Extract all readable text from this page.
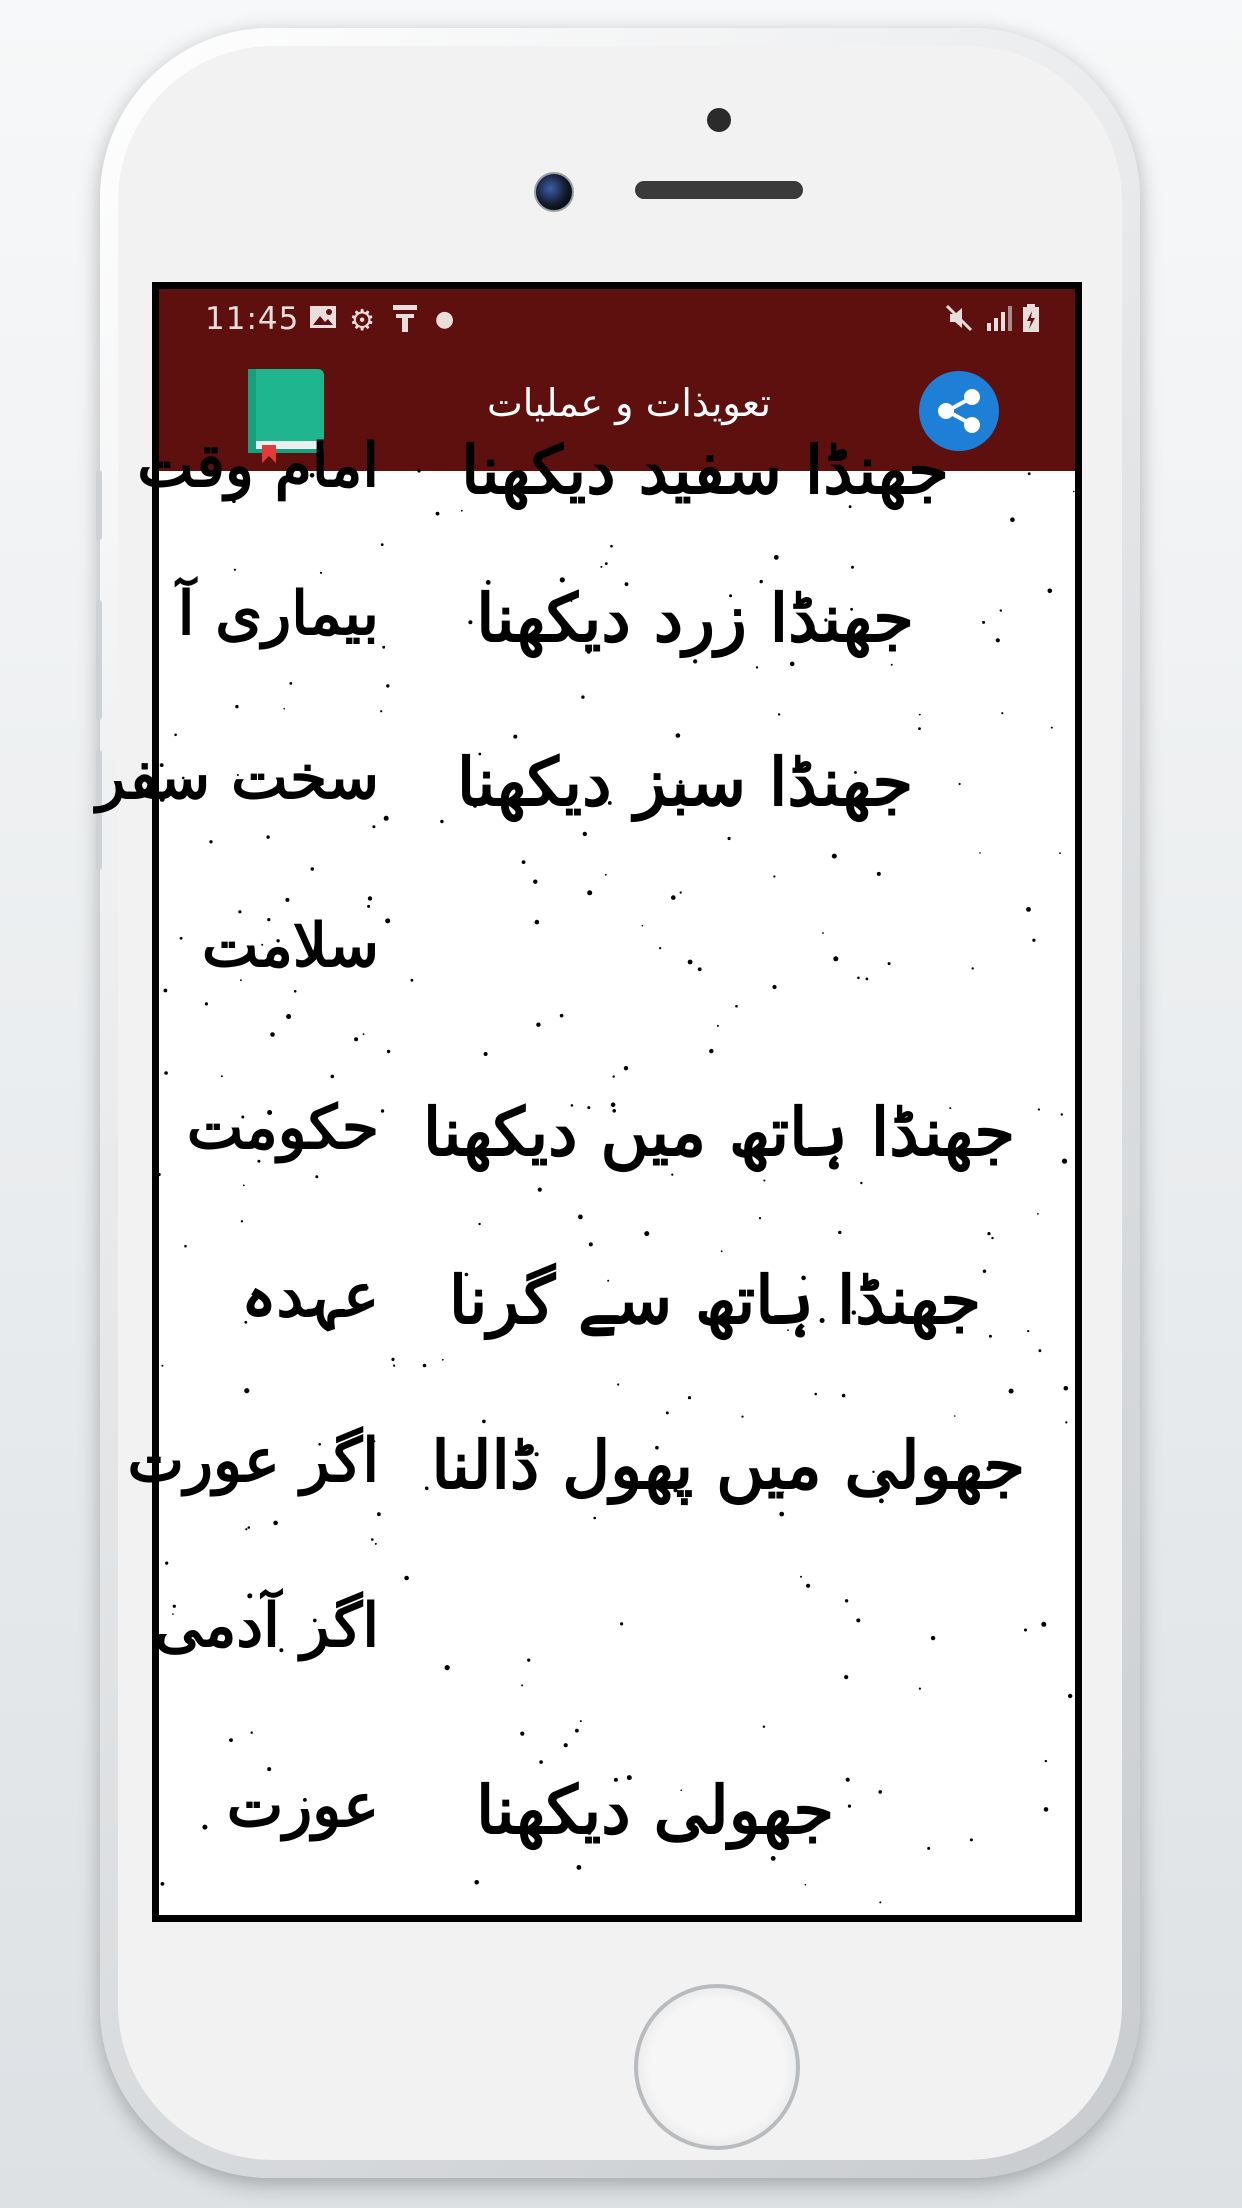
11:45 ⚙	●
تعویذات و عملیات
جھنڈا سفید دیکھنا
امام وقت
جھنڈا زرد دیکھنا
بیماری آ
جھنڈا سبز دیکھنا
سخت سفر
سلامت
جھنڈا ہاتھ میں دیکھنا
حکومت
جھنڈا ہاتھ سے گرنا
عہدہ
جھولی میں پھول ڈالنا
اگر عورت
اگر آدمی
جھولی دیکھنا
عورت
